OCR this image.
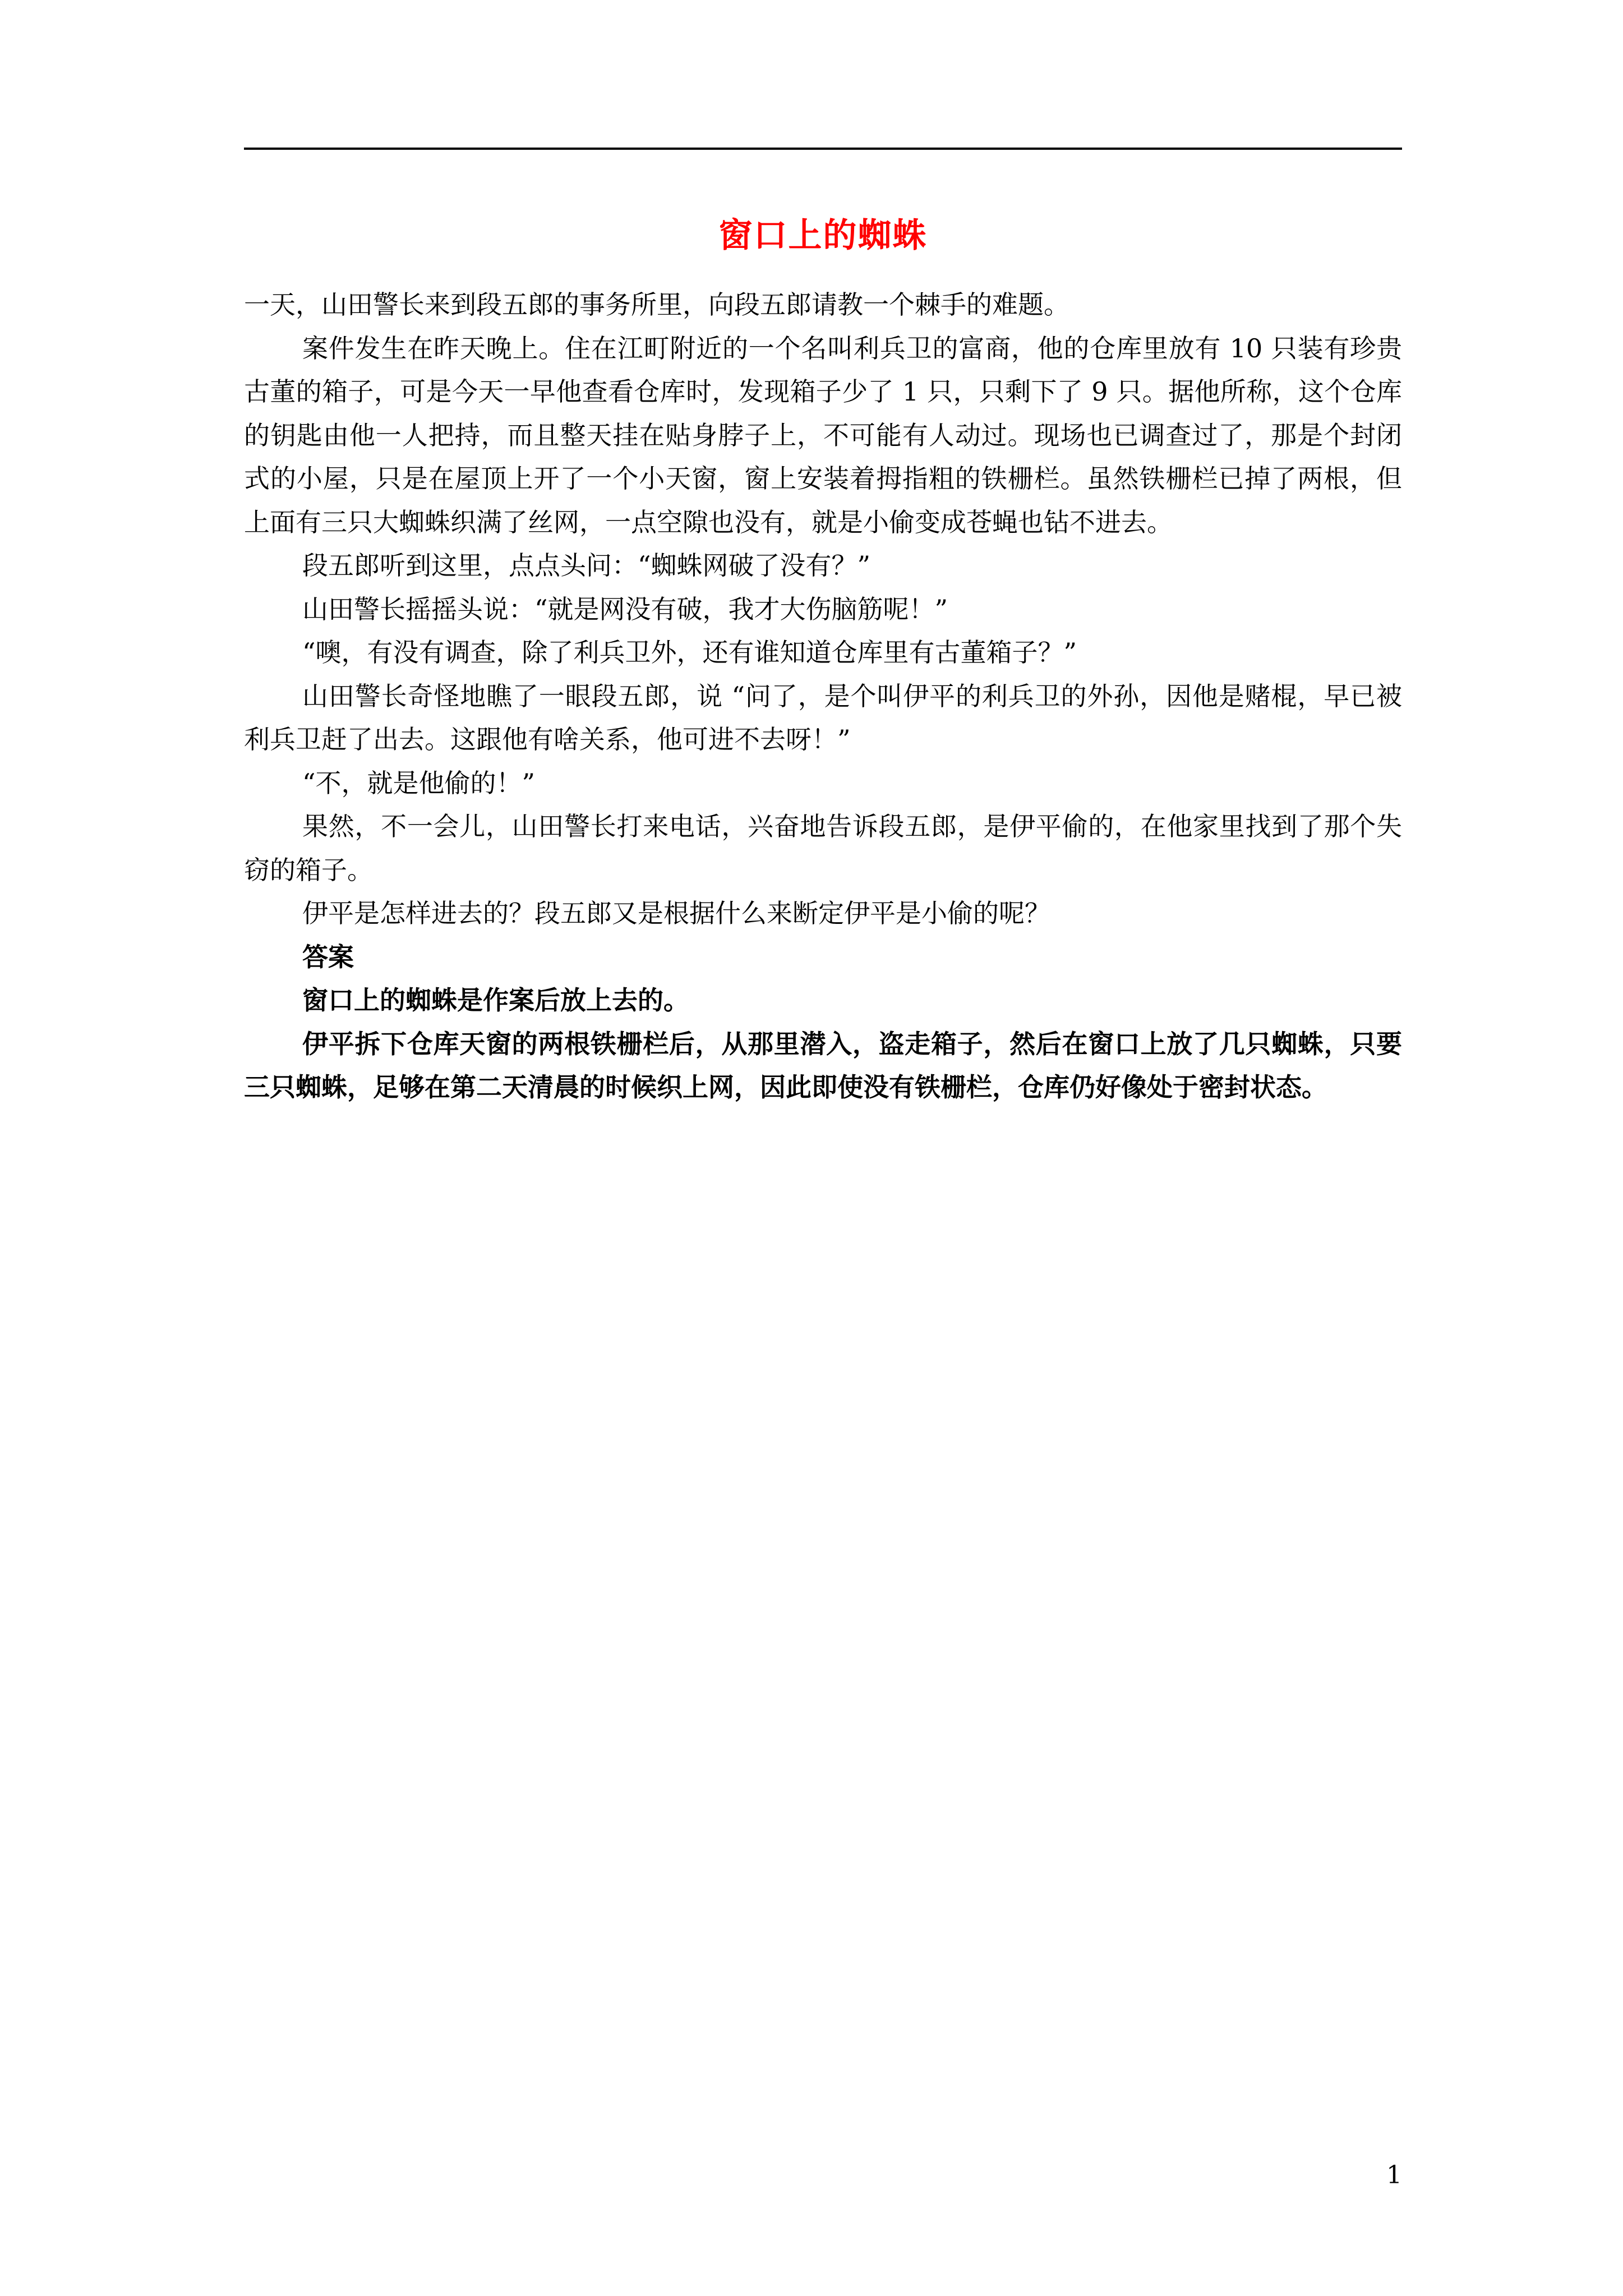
窗口上的蜘蛛

一天，山田警长来到段五郎的事务所里，向段五郎请教一个棘手的难题。

案件发生在昨天晚上。住在江町附近的一个名叫利兵卫的富商，他的仓库里放有 10 只装有珍贵古董的箱子，可是今天一早他查看仓库时，发现箱子少了 1 只，只剩下了 9 只。据他所称，这个仓库的钥匙由他一人把持，而且整天挂在贴身脖子上，不可能有人动过。现场也已调查过了，那是个封闭式的小屋，只是在屋顶上开了一个小天窗，窗上安装着拇指粗的铁栅栏。虽然铁栅栏已掉了两根，但上面有三只大蜘蛛织满了丝网，一点空隙也没有，就是小偷变成苍蝇也钻不进去。

段五郎听到这里，点点头问：“蜘蛛网破了没有？”

山田警长摇摇头说：“就是网没有破，我才大伤脑筋呢！”

“噢，有没有调查，除了利兵卫外，还有谁知道仓库里有古董箱子？”

山田警长奇怪地瞧了一眼段五郎，说 “问了，是个叫伊平的利兵卫的外孙，因他是赌棍，早已被利兵卫赶了出去。这跟他有啥关系，他可进不去呀！”

“不，就是他偷的！”

果然，不一会儿，山田警长打来电话，兴奋地告诉段五郎，是伊平偷的，在他家里找到了那个失窃的箱子。

伊平是怎样进去的？段五郎又是根据什么来断定伊平是小偷的呢？

答案

窗口上的蜘蛛是作案后放上去的。

伊平拆下仓库天窗的两根铁栅栏后，从那里潜入，盗走箱子，然后在窗口上放了几只蜘蛛，只要三只蜘蛛，足够在第二天清晨的时候织上网，因此即使没有铁栅栏，仓库仍好像处于密封状态。

1
